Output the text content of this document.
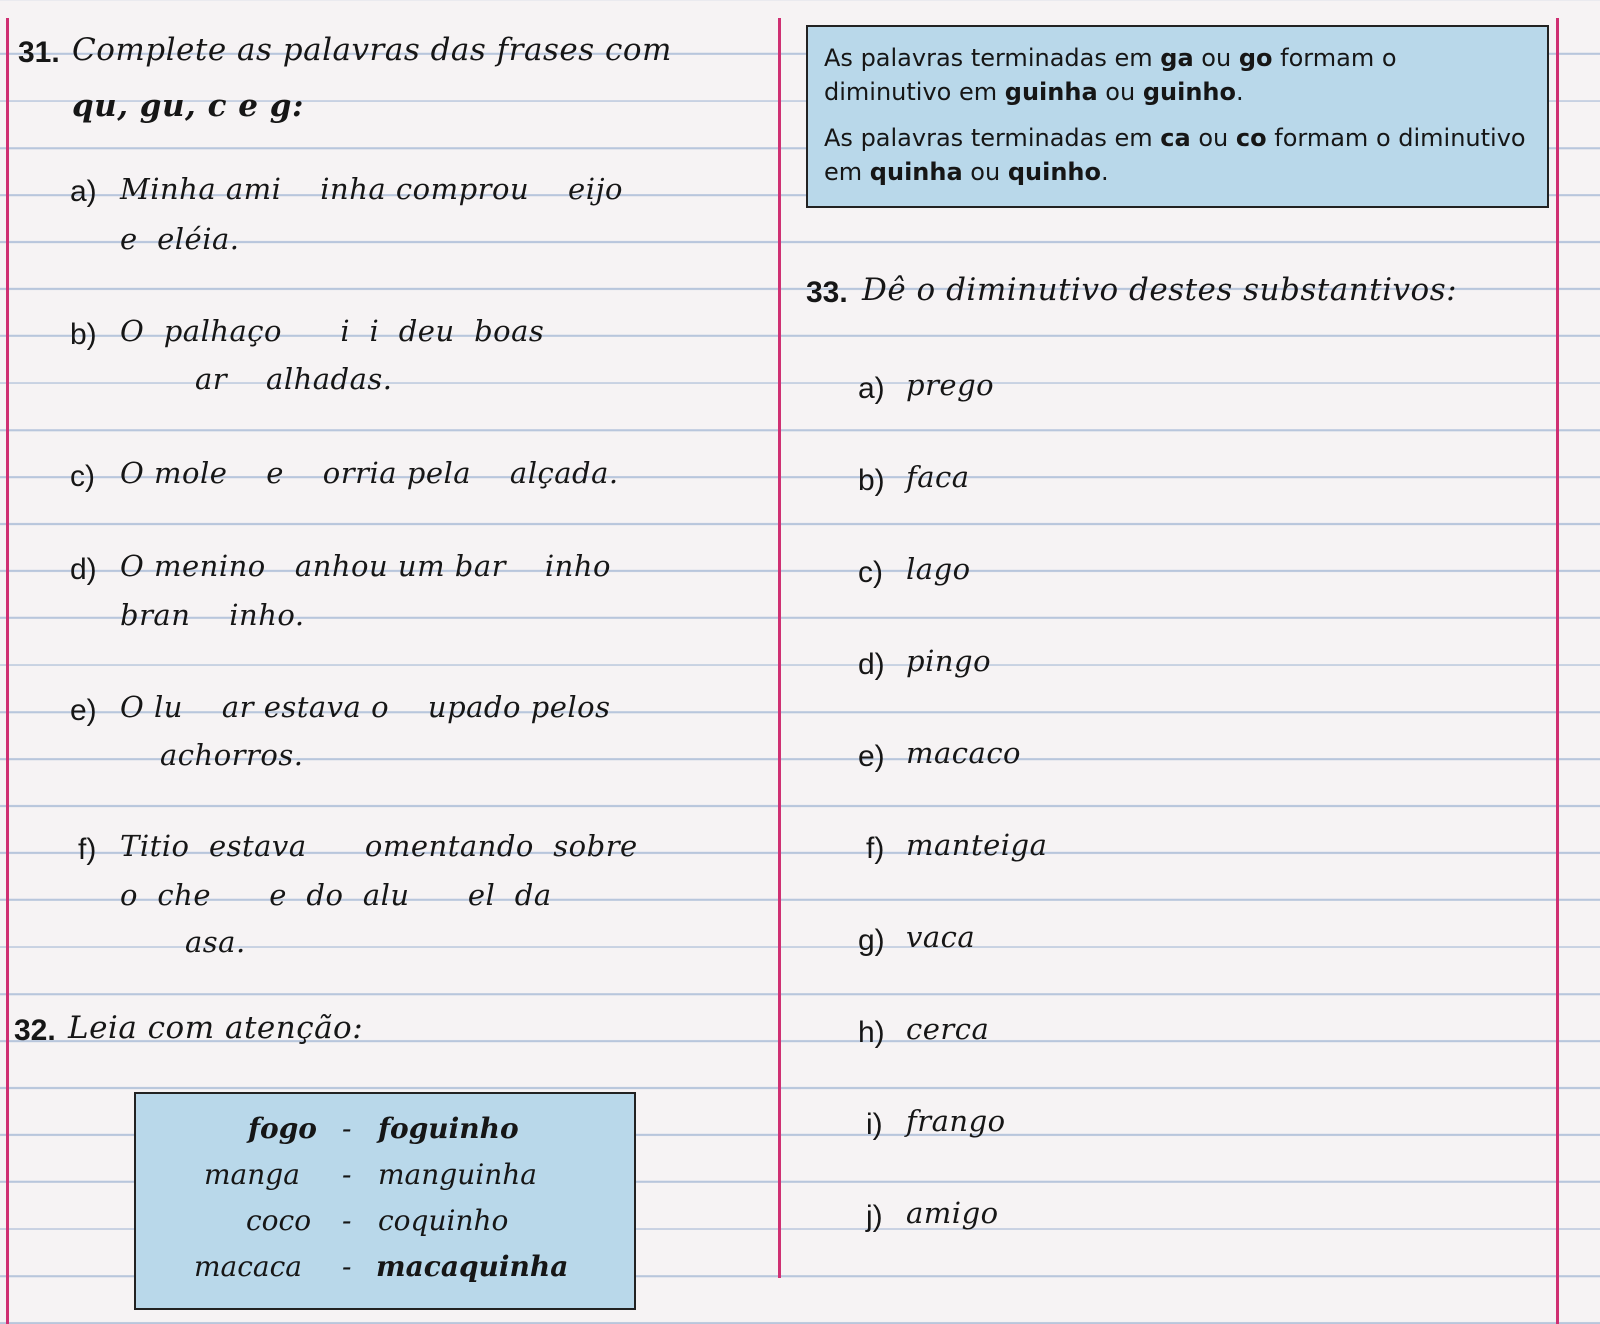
31. Complete as palavras das frases com
qu, gu, c e g:
a) Minha ami    inha comprou    eijo
e  eléia.
b) O  palhaço      i  i  deu  boas
ar    alhadas.
c) O mole    e    orria pela    alçada.
d) O menino   anhou um bar    inho
bran    inho.
e) O lu    ar estava o    upado pelos
achorros.
f) Titio  estava      omentando  sobre
o  che      e  do  alu      el  da
asa.
32. Leia com atenção:
fogo - foguinho
manga - manguinha
coco - coquinho
macaca - macaquinha

As palavras terminadas em ga ou go formam o diminutivo em guinha ou guinho.

As palavras terminadas em ca ou co formam o diminutivo em quinha ou quinho.

33. Dê o diminutivo destes substantivos:
a) prego
b) faca
c) lago
d) pingo
e) macaco
f) manteiga
g) vaca
h) cerca
i) frango
j) amigo
